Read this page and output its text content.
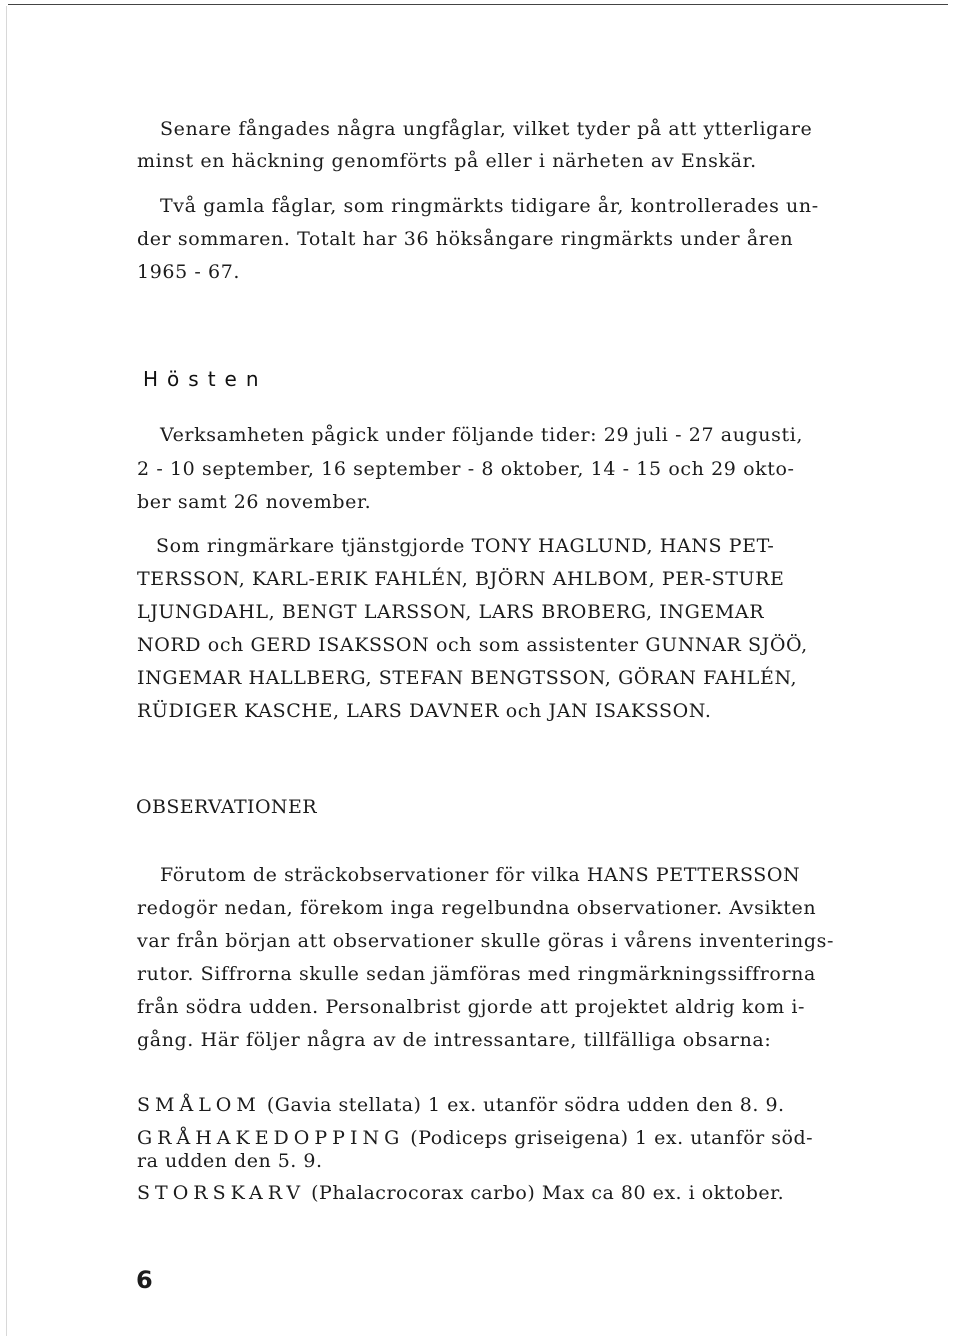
Senare fångades några ungfåglar, vilket tyder på att ytterligare

minst en häckning genomförts på eller i närheten av Enskär.

Två gamla fåglar, som ringmärkts tidigare år, kontrollerades un-

der sommaren. Totalt har 36 höksångare ringmärkts under åren

1965 - 67.

Hösten

Verksamheten pågick under följande tider: 29 juli - 27 augusti,

2 - 10 september, 16 september - 8 oktober, 14 - 15 och 29 okto-

ber samt 26 november.

Som ringmärkare tjänstgjorde TONY HAGLUND, HANS PET-

TERSSON, KARL-ERIK FAHLÉN, BJÖRN AHLBOM, PER-STURE

LJUNGDAHL, BENGT LARSSON, LARS BROBERG, INGEMAR

NORD och GERD ISAKSSON och som assistenter GUNNAR SJÖÖ,

INGEMAR HALLBERG, STEFAN BENGTSSON, GÖRAN FAHLÉN,

RÜDIGER KASCHE, LARS DAVNER och JAN ISAKSSON.

OBSERVATIONER

Förutom de sträckobservationer för vilka HANS PETTERSSON

redogör nedan, förekom inga regelbundna observationer. Avsikten

var från början att observationer skulle göras i vårens inventerings-

rutor. Siffrorna skulle sedan jämföras med ringmärkningssiffrorna

från södra udden. Personalbrist gjorde att projektet aldrig kom i-

gång. Här följer några av de intressantare, tillfälliga obsarna:

SMÅLOM (Gavia stellata) 1 ex. utanför södra udden den 8. 9.

GRÅHAKEDOPPING (Podiceps griseigena) 1 ex. utanför söd-

ra udden den 5. 9.

STORSKARV (Phalacrocorax carbo) Max ca 80 ex. i oktober.

6
